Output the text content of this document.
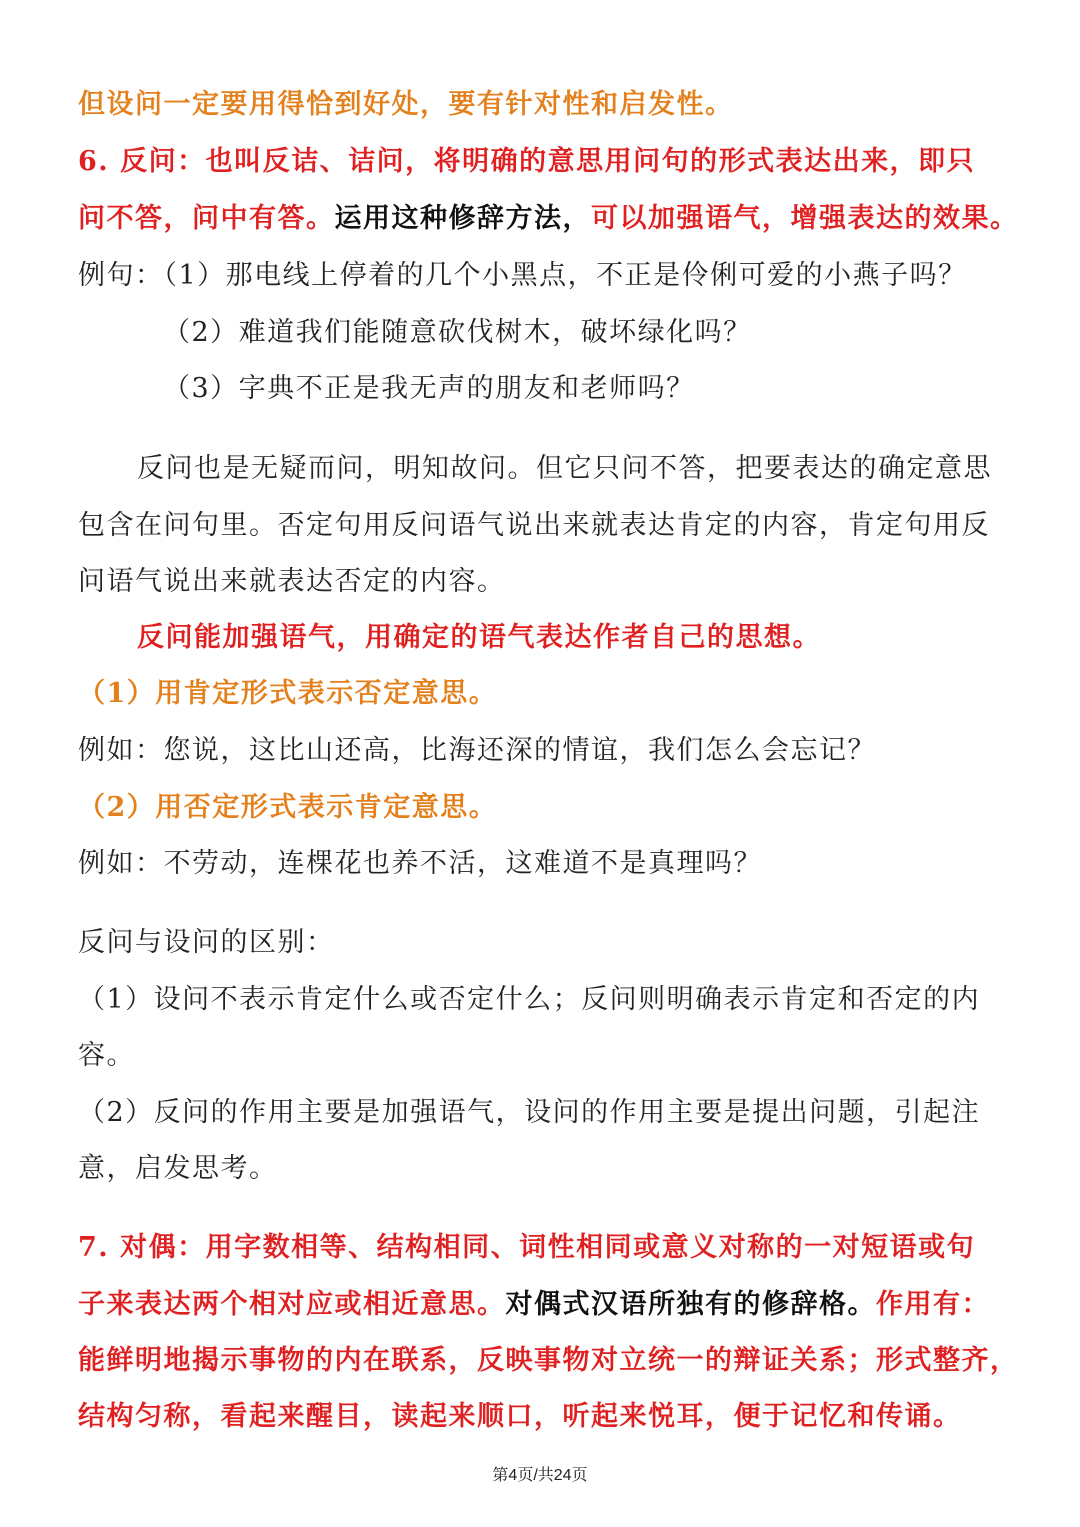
但设问一定要用得恰到好处，要有针对性和启发性。
6. 反问：也叫反诘、诘问，将明确的意思用问句的形式表达出来，即只
问不答，问中有答。运用这种修辞方法，可以加强语气，增强表达的效果。
例句：（1）那电线上停着的几个小黑点，不正是伶俐可爱的小燕子吗？
（2）难道我们能随意砍伐树木，破坏绿化吗？
（3）字典不正是我无声的朋友和老师吗？
反问也是无疑而问，明知故问。但它只问不答，把要表达的确定意思
包含在问句里。否定句用反问语气说出来就表达肯定的内容，肯定句用反
问语气说出来就表达否定的内容。
反问能加强语气，用确定的语气表达作者自己的思想。
（1）用肯定形式表示否定意思。
例如：您说，这比山还高，比海还深的情谊，我们怎么会忘记？
（2）用否定形式表示肯定意思。
例如：不劳动，连棵花也养不活，这难道不是真理吗？
反问与设问的区别：
（1）设问不表示肯定什么或否定什么；反问则明确表示肯定和否定的内
容。
（2）反问的作用主要是加强语气，设问的作用主要是提出问题，引起注
意，启发思考。
7. 对偶：用字数相等、结构相同、词性相同或意义对称的一对短语或句
子来表达两个相对应或相近意思。对偶式汉语所独有的修辞格。作用有：
能鲜明地揭示事物的内在联系，反映事物对立统一的辩证关系；形式整齐，
结构匀称，看起来醒目，读起来顺口，听起来悦耳，便于记忆和传诵。
第4页/共24页
